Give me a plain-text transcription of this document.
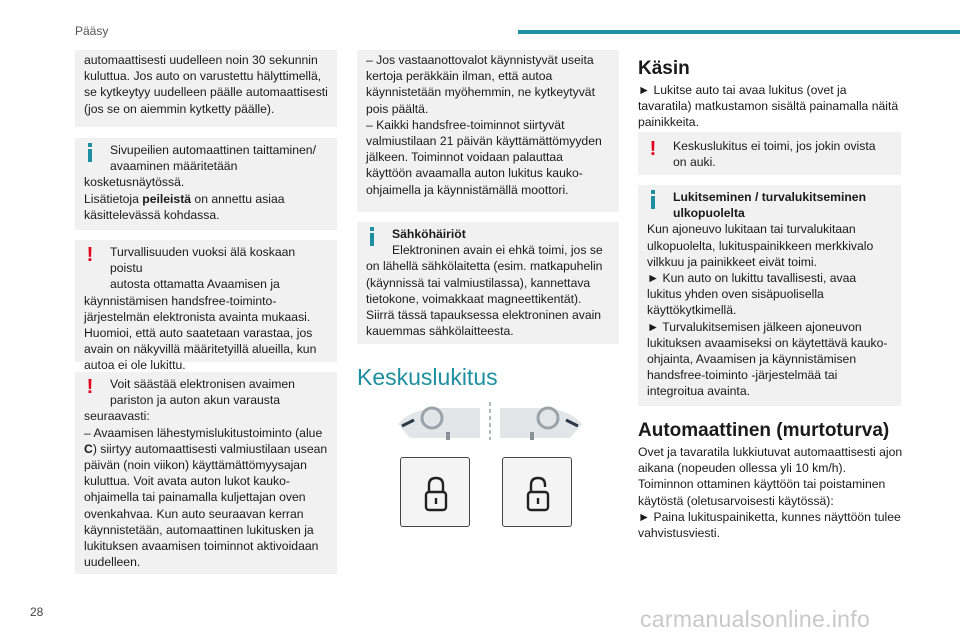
Pääsy
28	carmanualsonline.info

automaattisesti uudelleen noin 30 sekunnin kuluttua. Jos auto on varustettu hälyttimellä, se kytkeytyy uudelleen päälle automaattisesti (jos se on aiemmin kytketty päälle).

Sivupeilien automaattinen taittaminen/

avaaminen määritetään

kosketusnäytössä.

Lisätietoja peileistä on annettu asiaa

käsittelevässä kohdassa.

! Turvallisuuden vuoksi älä koskaan poistu

autosta ottamatta Avaamisen ja

käynnistämisen handsfree-toiminto-järjestelmän elektronista avainta mukaasi. Huomioi, että auto saatetaan varastaa, jos avain on näkyvillä määritetyillä alueilla, kun autoa ei ole lukittu.

! Voit säästää elektronisen avaimen

pariston ja auton akun varausta

seuraavasti:

– Avaamisen lähestymislukitustoiminto (alue C) siirtyy automaattisesti valmiustilaan usean päivän (noin viikon) käyttämättömyysajan kuluttua. Voit avata auton lukot kauko-ohjaimella tai painamalla kuljettajan oven ovenkahvaa. Kun auto seuraavan kerran käynnistetään, automaattinen lukitusken ja lukituksen avaamisen toiminnot aktivoidaan uudelleen.

– Jos vastaanottovalot käynnistyvät useita kertoja peräkkäin ilman, että autoa käynnistetään myöhemmin, ne kytkeytyvät pois päältä.

– Kaikki handsfree-toiminnot siirtyvät valmiustilaan 21 päivän käyttämättömyyden jälkeen. Toiminnot voidaan palauttaa käyttöön avaamalla auton lukitus kauko-ohjaimella ja käynnistämällä moottori.

Sähköhäiriöt

Elektroninen avain ei ehkä toimi, jos se

on lähellä sähkölaitetta (esim. matkapuhelin (käynnissä tai valmiustilassa), kannettava tietokone, voimakkaat magneettikentät). Siirrä tässä tapauksessa elektroninen avain kauemmas sähkölaitteesta.

Keskuslukitus
Käsin

► Lukitse auto tai avaa lukitus (ovet ja tavaratila) matkustamon sisältä painamalla näitä painikkeita.

! Keskuslukitus ei toimi, jos jokin ovista on auki.

Lukitseminen / turvalukitseminen

ulkopuolelta

Kun ajoneuvo lukitaan tai turvalukitaan ulkopuolelta, lukituspainikkeen merkkivalo vilkkuu ja painikkeet eivät toimi.

► Kun auto on lukittu tavallisesti, avaa lukitus yhden oven sisäpuolisella käyttökytkimellä.

► Turvalukitsemisen jälkeen ajoneuvon lukituksen avaamiseksi on käytettävä kauko-ohjainta, Avaamisen ja käynnistämisen handsfree-toiminto -järjestelmää tai integroitua avainta.

Automaattinen (murtoturva)

Ovet ja tavaratila lukkiutuvat automaattisesti ajon aikana (nopeuden ollessa yli 10 km/h).

Toiminnon ottaminen käyttöön tai poistaminen käytöstä (oletusarvoisesti käytössä):

► Paina lukituspainiketta, kunnes näyttöön tulee vahvistusviesti.
